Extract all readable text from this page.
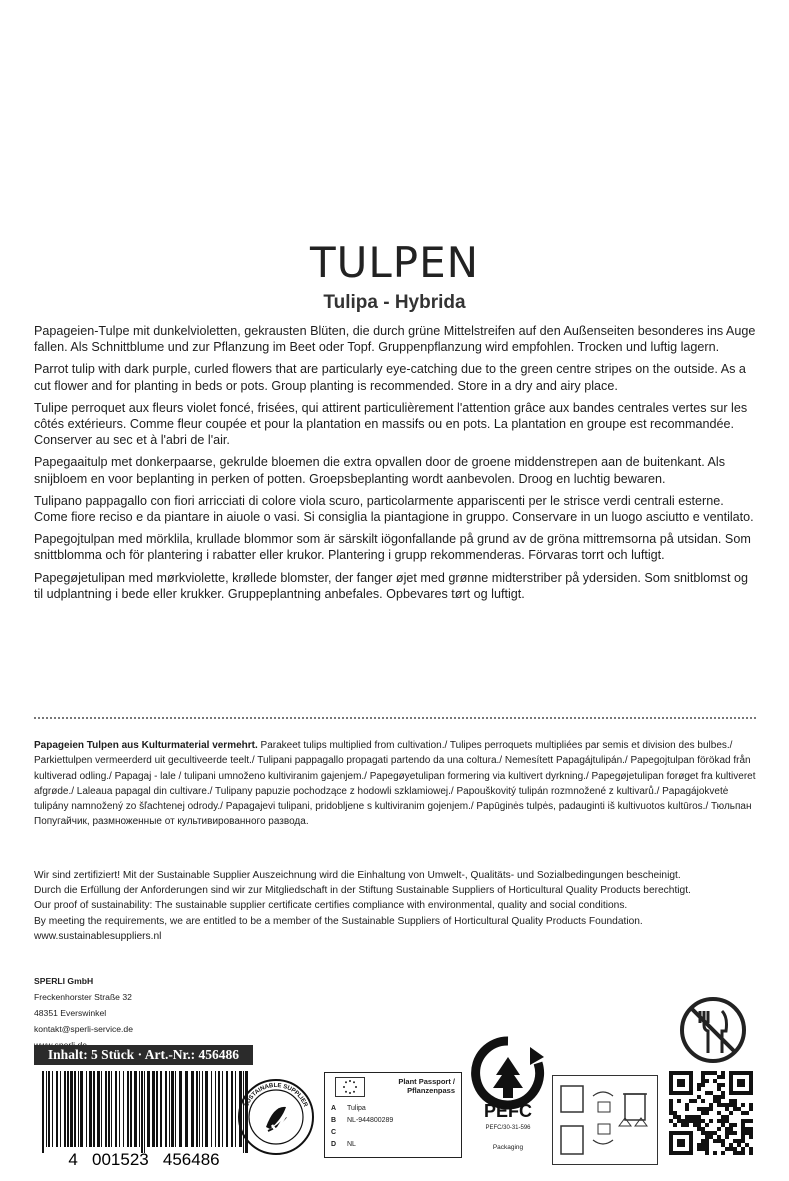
TULPEN
Tulipa - Hybrida

Papageien-Tulpe mit dunkelvioletten, gekrausten Blüten, die durch grüne Mittelstreifen auf den Außenseiten besonderes ins Auge fallen. Als Schnittblume und zur Pflanzung im Beet oder Topf. Gruppenpflanzung wird empfohlen. Trocken und luftig lagern.

Parrot tulip with dark purple, curled flowers that are particularly eye-catching due to the green centre stripes on the outside. As a cut flower and for planting in beds or pots. Group planting is recommended. Store in a dry and airy place.

Tulipe perroquet aux fleurs violet foncé, frisées, qui attirent particulièrement l'attention grâce aux bandes centrales vertes sur les côtés extérieurs. Comme fleur coupée et pour la plantation en massifs ou en pots. La plantation en groupe est recommandée. Conserver au sec et à l'abri de l'air.

Papegaaitulp met donkerpaarse, gekrulde bloemen die extra opvallen door de groene middenstrepen aan de buitenkant. Als snijbloem en voor beplanting in perken of potten. Groepsbeplanting wordt aanbevolen. Droog en luchtig bewaren.

Tulipano pappagallo con fiori arricciati di colore viola scuro, particolarmente appariscenti per le strisce verdi centrali esterne. Come fiore reciso e da piantare in aiuole o vasi. Si consiglia la piantagione in gruppo. Conservare in un luogo asciutto e ventilato.

Papegojtulpan med mörklila, krullade blommor som är särskilt iögonfallande på grund av de gröna mittremsorna på utsidan. Som snittblomma och för plantering i rabatter eller krukor. Plantering i grupp rekommenderas. Förvaras torrt och luftigt.

Papegøjetulipan med mørkviolette, krøllede blomster, der fanger øjet med grønne midterstriber på ydersiden. Som snitblomst og til udplantning i bede eller krukker. Gruppeplantning anbefales. Opbevares tørt og luftigt.

Papageien Tulpen aus Kulturmaterial vermehrt. Parakeet tulips multiplied from cultivation./ Tulipes perroquets multipliées par semis et division des bulbes./ Parkiettulpen vermeerderd uit gecultiveerde teelt./ Tulipani pappagallo propagati partendo da una coltura./ Nemesített Papagájtulipán./ Papegojtulpan förökad från kultiverad odling./ Papagaj - lale / tulipani umnoženo kultiviranim gajenjem./ Papegøyetulipan formering via kultivert dyrkning./ Papegøjetulipan forøget fra kultiveret afgrøde./ Laleaua papagal din cultivare./ Tulipany papuzie pochodzące z hodowli szklamiowej./ Papouškovitý tulipán rozmnožené z kultivarů./ Papagájokvetė tulipány namnožený zo šľachtenej odrody./ Papagajevi tulipani, pridobljene s kultiviranim gojenjem./ Papūginės tulpės, padauginti iš kultivuotos kultūros./ Тюльпан Попугайчик, размноженные от культивированного развода.
Wir sind zertifiziert! Mit der Sustainable Supplier Auszeichnung wird die Einhaltung von Umwelt-, Qualitäts- und Sozialbedingungen bescheinigt.
Durch die Erfüllung der Anforderungen sind wir zur Mitgliedschaft in der Stiftung Sustainable Suppliers of Horticultural Quality Products berechtigt.
Our proof of sustainability: The sustainable supplier certificate certifies compliance with environmental, quality and social conditions.
By meeting the requirements, we are entitled to be a member of the Sustainable Suppliers of Horticultural Quality Products Foundation.
www.sustainablesuppliers.nl
SPERLI GmbH
Freckenhorster Straße 32
48351 Everswinkel
kontakt@sperli-service.de
Inhalt: 5 Stück · Art.-Nr.: 456486
4   001523   456486
SUSTAINABLE SUPPLIER
Plant Passport /
Pflanzenpass
A Tulipa
B NL-944800289
C
D NL
PEFC
PEFC/30-31-596
Packaging
